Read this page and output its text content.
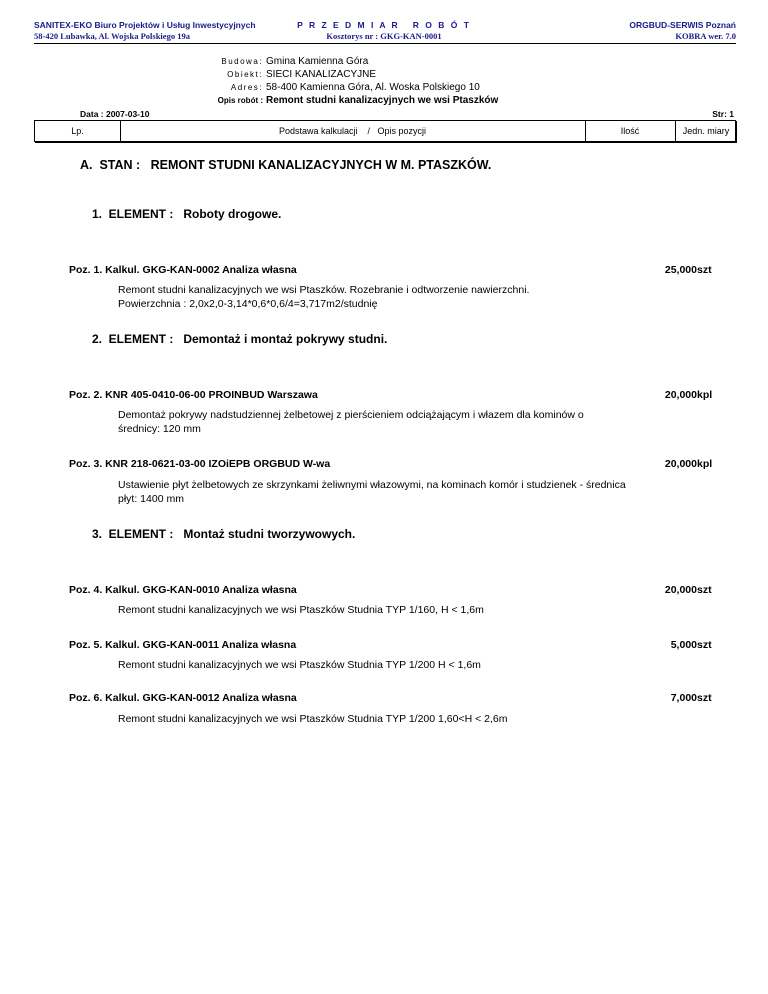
SANITEX-EKO Biuro Projektów i Usług Inwestycyjnych
58-420 Lubawka, Al. Wojska Polskiego 19a
P R Z E D M I A R   R O B Ó T
Kosztorys nr : GKG-KAN-0001
ORGBUD-SERWIS Poznań
KOBRA wer. 7.0
Budowa: Gmina Kamienna Góra
Obiekt: SIECI KANALIZACYJNE
Adres: 58-400 Kamienna Góra, Al. Woska Polskiego 10
Opis robót : Remont studni kanalizacyjnych we wsi Ptaszków
Data : 2007-03-10	Str: 1
Lp.	Podstawa kalkulacji    /   Opis pozycji	Ilość	Jedn. miary
A.  STAN :   REMONT STUDNI KANALIZACYJNYCH W M. PTASZKÓW.
1.  ELEMENT :   Roboty drogowe.
Poz. 1. Kalkul. GKG-KAN-0002 Analiza własna	25,000 szt
Remont studni kanalizacyjnych we wsi Ptaszków. Rozebranie i odtworzenie nawierzchni.
Powierzchnia : 2,0x2,0-3,14*0,6*0,6/4=3,717m2/studnię
2.  ELEMENT :   Demontaż i montaż pokrywy studni.
Poz. 2. KNR 405-0410-06-00 PROINBUD Warszawa	20,000 kpl
Demontaż pokrywy nadstudziennej żelbetowej z pierścieniem odciążającym i włazem dla kominów o
średnicy: 120 mm
Poz. 3. KNR 218-0621-03-00 IZOiEPB ORGBUD W-wa	20,000 kpl
Ustawienie płyt żelbetowych ze skrzynkami żeliwnymi włazowymi, na kominach komór i studzienek - średnica
płyt: 1400 mm
3.  ELEMENT :   Montaż studni tworzywowych.
Poz. 4. Kalkul. GKG-KAN-0010 Analiza własna	20,000 szt
Remont studni kanalizacyjnych we wsi Ptaszków Studnia TYP 1/160, H < 1,6m
Poz. 5. Kalkul. GKG-KAN-0011 Analiza własna	5,000 szt
Remont studni kanalizacyjnych we wsi Ptaszków Studnia TYP 1/200 H < 1,6m
Poz. 6. Kalkul. GKG-KAN-0012 Analiza własna	7,000 szt
Remont studni kanalizacyjnych we wsi Ptaszków Studnia TYP 1/200 1,60<H < 2,6m
